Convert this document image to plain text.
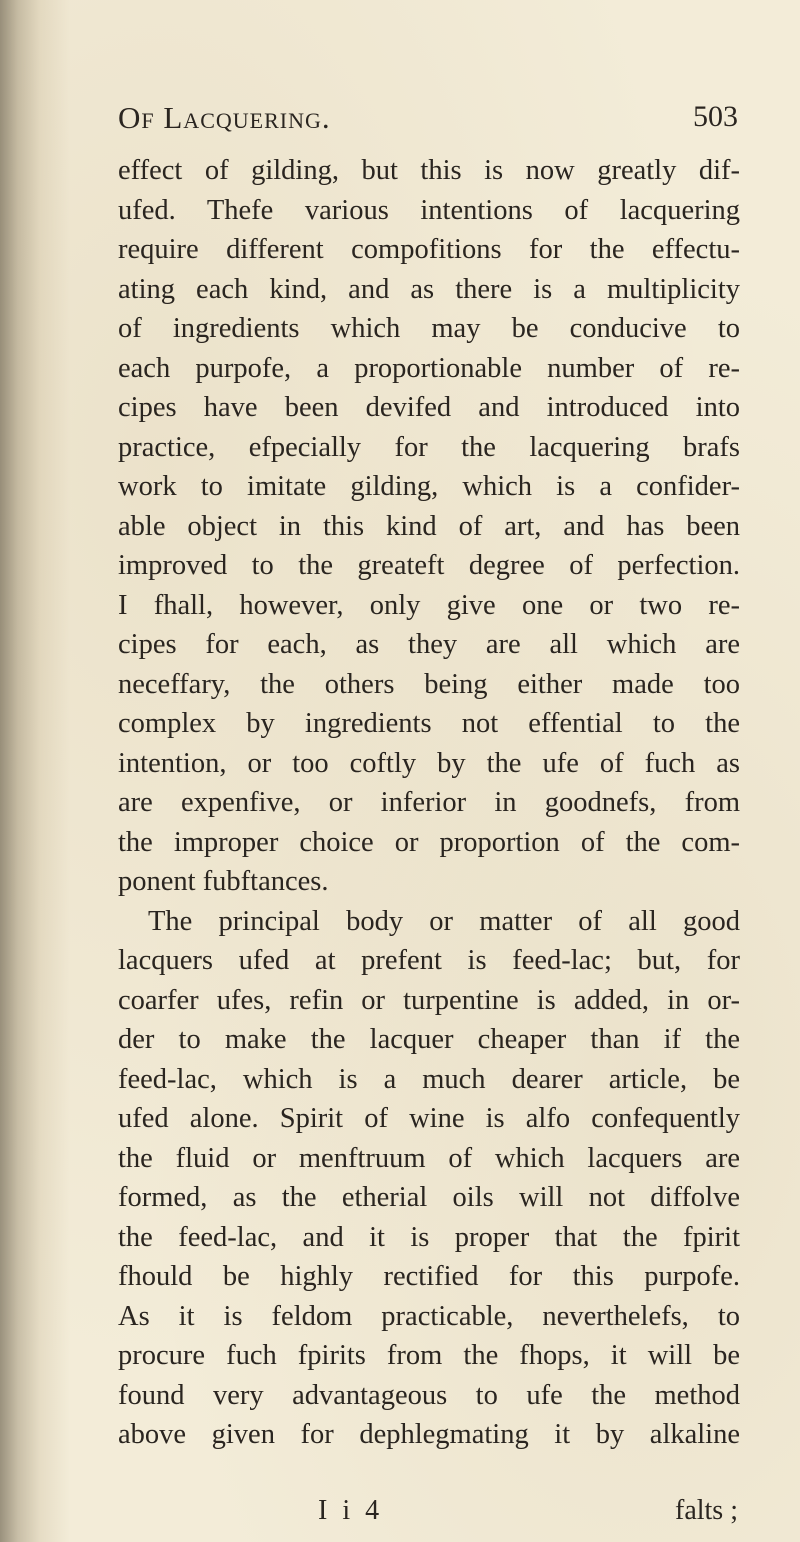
Of Lacquering.	503
effect of gilding, but this is now greatly dif-
ufed. Thefe various intentions of lacquering
require different compofitions for the effectu-
ating each kind, and as there is a multiplicity
of ingredients which may be conducive to
each purpofe, a proportionable number of re-
cipes have been devifed and introduced into
practice, efpecially for the lacquering brafs
work to imitate gilding, which is a confider-
able object in this kind of art, and has been
improved to the greateft degree of perfection.
I fhall, however, only give one or two re-
cipes for each, as they are all which are
neceffary, the others being either made too
complex by ingredients not effential to the
intention, or too coftly by the ufe of fuch as
are expenfive, or inferior in goodnefs, from
the improper choice or proportion of the com-
ponent fubftances.
The principal body or matter of all good
lacquers ufed at prefent is feed-lac; but, for
coarfer ufes, refin or turpentine is added, in or-
der to make the lacquer cheaper than if the
feed-lac, which is a much dearer article, be
ufed alone. Spirit of wine is alfo confequently
the fluid or menftruum of which lacquers are
formed, as the etherial oils will not diffolve
the feed-lac, and it is proper that the fpirit
fhould be highly rectified for this purpofe.
As it is feldom practicable, neverthelefs, to
procure fuch fpirits from the fhops, it will be
found very advantageous to ufe the method
above given for dephlegmating it by alkaline
I i 4	falts ;
